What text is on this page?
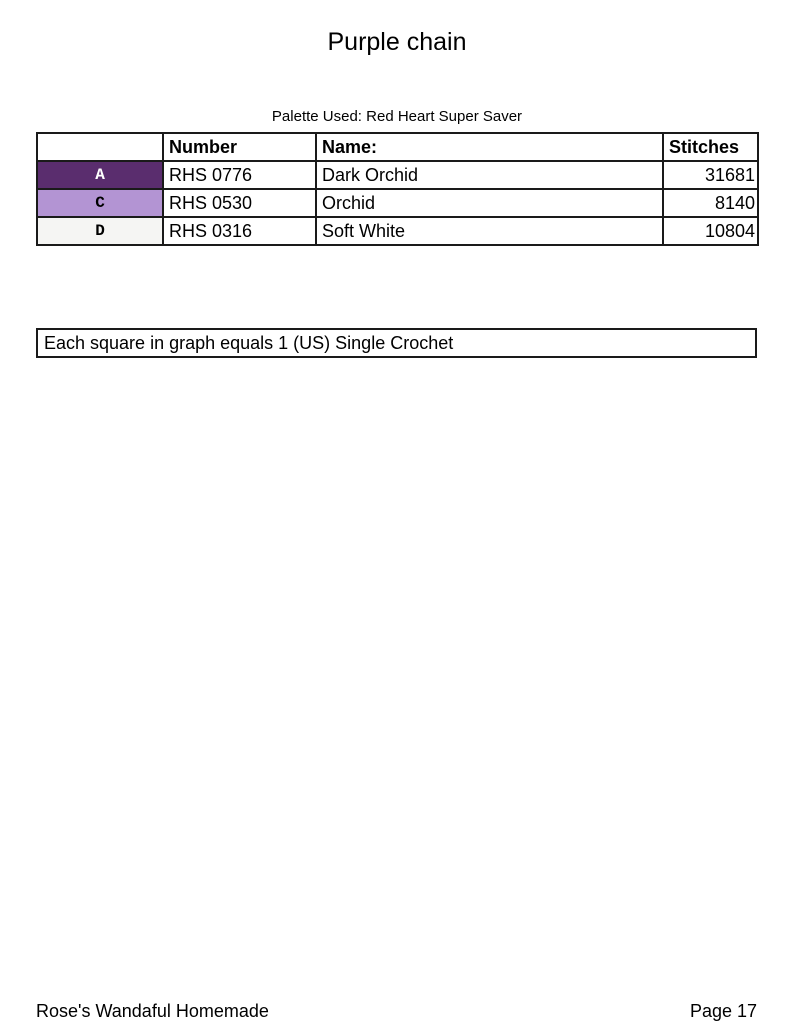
Purple chain
Palette Used: Red Heart Super Saver
	Number	Name:	Stitches
A	RHS 0776	Dark Orchid	31681
C	RHS 0530	Orchid	8140
D	RHS 0316	Soft White	10804
Each square in graph equals 1 (US) Single Crochet
Rose's Wandaful Homemade	Page 17
